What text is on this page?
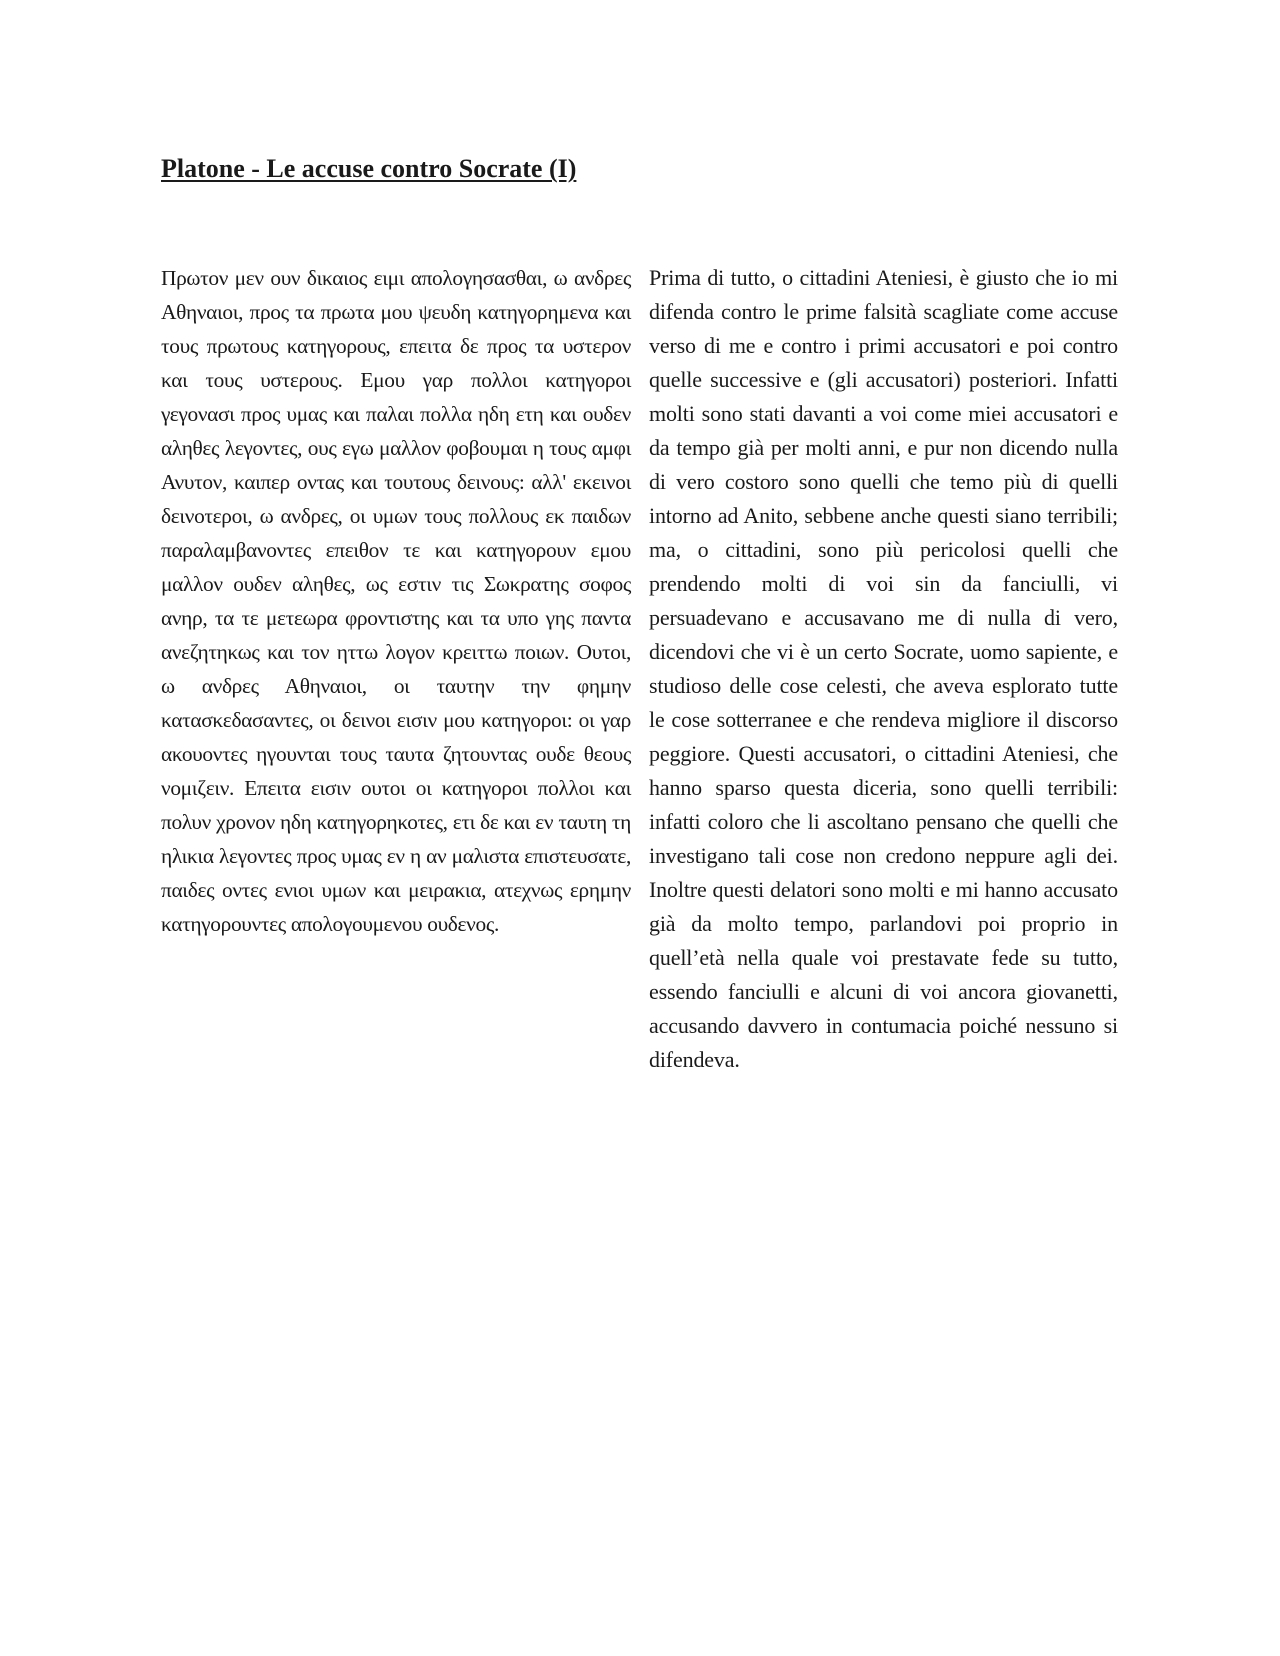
Platone - Le accuse contro Socrate (I)

Πρωτον μεν ουν δικαιος ειμι απολογησασθαι, ω ανδρες Αθηναιοι, προς τα πρωτα μου ψευδη κατηγορημενα και τους πρωτους κατηγορους, επειτα δε προς τα υστερον και τους υστερους. Εμου γαρ πολλοι κατηγοροι γεγονασι προς υμας και παλαι πολλα ηδη ετη και ουδεν αληθες λεγοντες, ους εγω μαλλον φοβουμαι η τους αμφι Ανυτον, καιπερ οντας και τουτους δεινους: αλλ' εκεινοι δεινοτεροι, ω ανδρες, οι υμων τους πολλους εκ παιδων παραλαμβανοντες επειθον τε και κατηγορουν εμου μαλλον ουδεν αληθες, ως εστιν τις Σωκρατης σοφος ανηρ, τα τε μετεωρα φροντιστης και τα υπο γης παντα ανεζητηκως και τον ηττω λογον κρειττω ποιων. Ουτοι, ω ανδρες Αθηναιοι, οι ταυτην την φημην κατασκεδασαντες, οι δεινοι εισιν μου κατηγοροι: οι γαρ ακουοντες ηγουνται τους ταυτα ζητουντας ουδε θεους νομιζειν. Επειτα εισιν ουτοι οι κατηγοροι πολλοι και πολυν χρονον ηδη κατηγορηκοτες, ετι δε και εν ταυτη τη ηλικια λεγοντες προς υμας εν η αν μαλιστα επιστευσατε, παιδες οντες ενιοι υμων και μειρακια, ατεχνως ερημην κατηγορουντες απολογουμενου ουδενος.

Prima di tutto, o cittadini Ateniesi, è giusto che io mi difenda contro le prime falsità scagliate come accuse verso di me e contro i primi accusatori e poi contro quelle successive e (gli accusatori) posteriori. Infatti molti sono stati davanti a voi come miei accusatori e da tempo già per molti anni, e pur non dicendo nulla di vero costoro sono quelli che temo più di quelli intorno ad Anito, sebbene anche questi siano terribili; ma, o cittadini, sono più pericolosi quelli che prendendo molti di voi sin da fanciulli, vi persuadevano e accusavano me di nulla di vero, dicendovi che vi è un certo Socrate, uomo sapiente, e studioso delle cose celesti, che aveva esplorato tutte le cose sotterranee e che rendeva migliore il discorso peggiore. Questi accusatori, o cittadini Ateniesi, che hanno sparso questa diceria, sono quelli terribili: infatti coloro che li ascoltano pensano che quelli che investigano tali cose non credono neppure agli dei. Inoltre questi delatori sono molti e mi hanno accusato già da molto tempo, parlandovi poi proprio in quell’età nella quale voi prestavate fede su tutto, essendo fanciulli e alcuni di voi ancora giovanetti, accusando davvero in contumacia poiché nessuno si difendeva.
